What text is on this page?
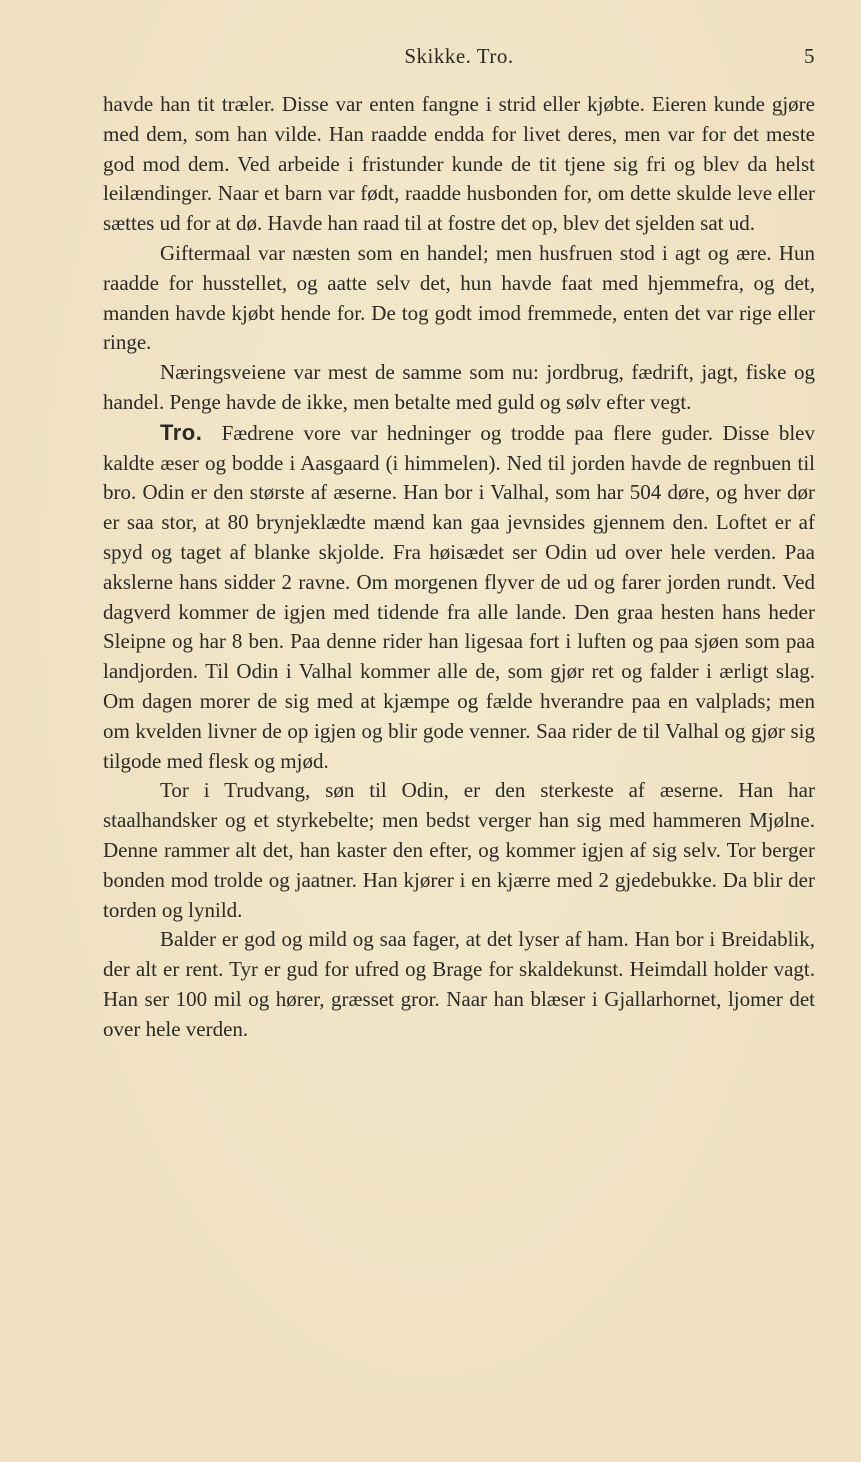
Skikke. Tro.	5

havde han tit træler. Disse var enten fangne i strid eller kjøbte. Eieren kunde gjøre med dem, som han vilde. Han raadde endda for livet deres, men var for det meste god mod dem. Ved arbeide i fristunder kunde de tit tjene sig fri og blev da helst leilændinger. Naar et barn var født, raadde husbonden for, om dette skulde leve eller sættes ud for at dø. Havde han raad til at fostre det op, blev det sjelden sat ud.

Giftermaal var næsten som en handel; men husfruen stod i agt og ære. Hun raadde for husstellet, og aatte selv det, hun havde faat med hjemmefra, og det, manden havde kjøbt hende for. De tog godt imod fremmede, enten det var rige eller ringe.

Næringsveiene var mest de samme som nu: jordbrug, fædrift, jagt, fiske og handel. Penge havde de ikke, men betalte med guld og sølv efter vegt.

Tro. Fædrene vore var hedninger og trodde paa flere guder. Disse blev kaldte æser og bodde i Aasgaard (i himmelen). Ned til jorden havde de regnbuen til bro. Odin er den største af æserne. Han bor i Valhal, som har 504 døre, og hver dør er saa stor, at 80 brynjeklædte mænd kan gaa jevnsides gjennem den. Loftet er af spyd og taget af blanke skjolde. Fra høisædet ser Odin ud over hele verden. Paa akslerne hans sidder 2 ravne. Om morgenen flyver de ud og farer jorden rundt. Ved dagverd kommer de igjen med tidende fra alle lande. Den graa hesten hans heder Sleipne og har 8 ben. Paa denne rider han ligesaa fort i luften og paa sjøen som paa landjorden. Til Odin i Valhal kommer alle de, som gjør ret og falder i ærligt slag. Om dagen morer de sig med at kjæmpe og fælde hverandre paa en valplads; men om kvelden livner de op igjen og blir gode venner. Saa rider de til Valhal og gjør sig tilgode med flesk og mjød.

Tor i Trudvang, søn til Odin, er den sterkeste af æserne. Han har staalhandsker og et styrkebelte; men bedst verger han sig med hammeren Mjølne. Denne rammer alt det, han kaster den efter, og kommer igjen af sig selv. Tor berger bonden mod trolde og jaatner. Han kjører i en kjærre med 2 gjedebukke. Da blir der torden og lynild.

Balder er god og mild og saa fager, at det lyser af ham. Han bor i Breidablik, der alt er rent. Tyr er gud for ufred og Brage for skaldekunst. Heimdall holder vagt. Han ser 100 mil og hører, græsset gror. Naar han blæser i Gjallarhornet, ljomer det over hele verden.
